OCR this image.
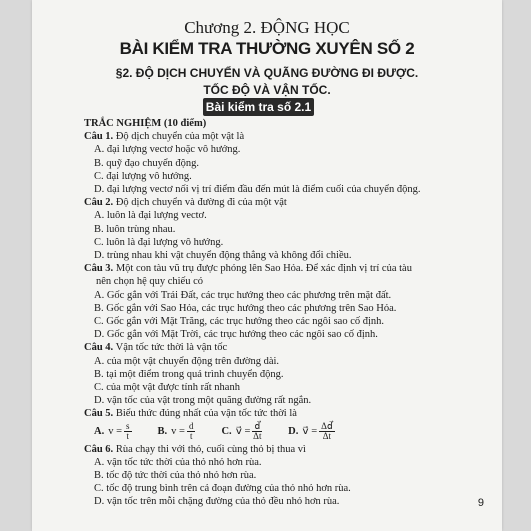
Chương 2. ĐỘNG HỌC
BÀI KIỂM TRA THƯỜNG XUYÊN SỐ 2
§2. ĐỘ DỊCH CHUYỂN VÀ QUÃNG ĐƯỜNG ĐI ĐƯỢC.
TỐC ĐỘ VÀ VẬN TỐC.
Bài kiểm tra số 2.1
TRẮC NGHIỆM (10 điểm)
Câu 1. Độ dịch chuyển của một vật là
A. đại lượng vectơ hoặc vô hướng.
B. quỹ đạo chuyển động.
C. đại lượng vô hướng.
D. đại lượng vectơ nối vị trí điểm đầu đến mút là điểm cuối của chuyển động.
Câu 2. Độ dịch chuyển và đường đi của một vật
A. luôn là đại lượng vectơ.
B. luôn trùng nhau.
C. luôn là đại lượng vô hướng.
D. trùng nhau khi vật chuyển động thẳng và không đổi chiều.
Câu 3. Một con tàu vũ trụ được phóng lên Sao Hỏa. Để xác định vị trí của tàu
nên chọn hệ quy chiếu có
A. Gốc gắn với Trái Đất, các trục hướng theo các phương trên mặt đất.
B. Gốc gắn với Sao Hỏa, các trục hướng theo các phương trên Sao Hỏa.
C. Gốc gắn với Mặt Trăng, các trục hướng theo các ngôi sao cố định.
D. Gốc gắn với Mặt Trời, các trục hướng theo các ngôi sao cố định.
Câu 4. Vận tốc tức thời là vận tốc
A. của một vật chuyển động trên đường dài.
B. tại một điểm trong quá trình chuyển động.
C. của một vật được tính rất nhanh
D. vận tốc của vật trong một quãng đường rất ngắn.
Câu 5. Biểu thức đúng nhất của vận tốc tức thời là
A. $v = \frac{s}{t} B$. $v = \frac{d}{t} C$. v⃗ = $\frac{d⃗}{\Delta t} D$. v⃗ = $\frac{\Delta d⃗}{\Delta t}$
Câu 6. Rùa chạy thi với thỏ, cuối cùng thỏ bị thua vì
A. vận tốc tức thời của thỏ nhỏ hơn rùa.
B. tốc độ tức thời của thỏ nhỏ hơn rùa.
C. tốc độ trung bình trên cả đoạn đường của thỏ nhỏ hơn rùa.
D. vận tốc trên mỗi chặng đường của thỏ đều nhỏ hơn rùa.	9
